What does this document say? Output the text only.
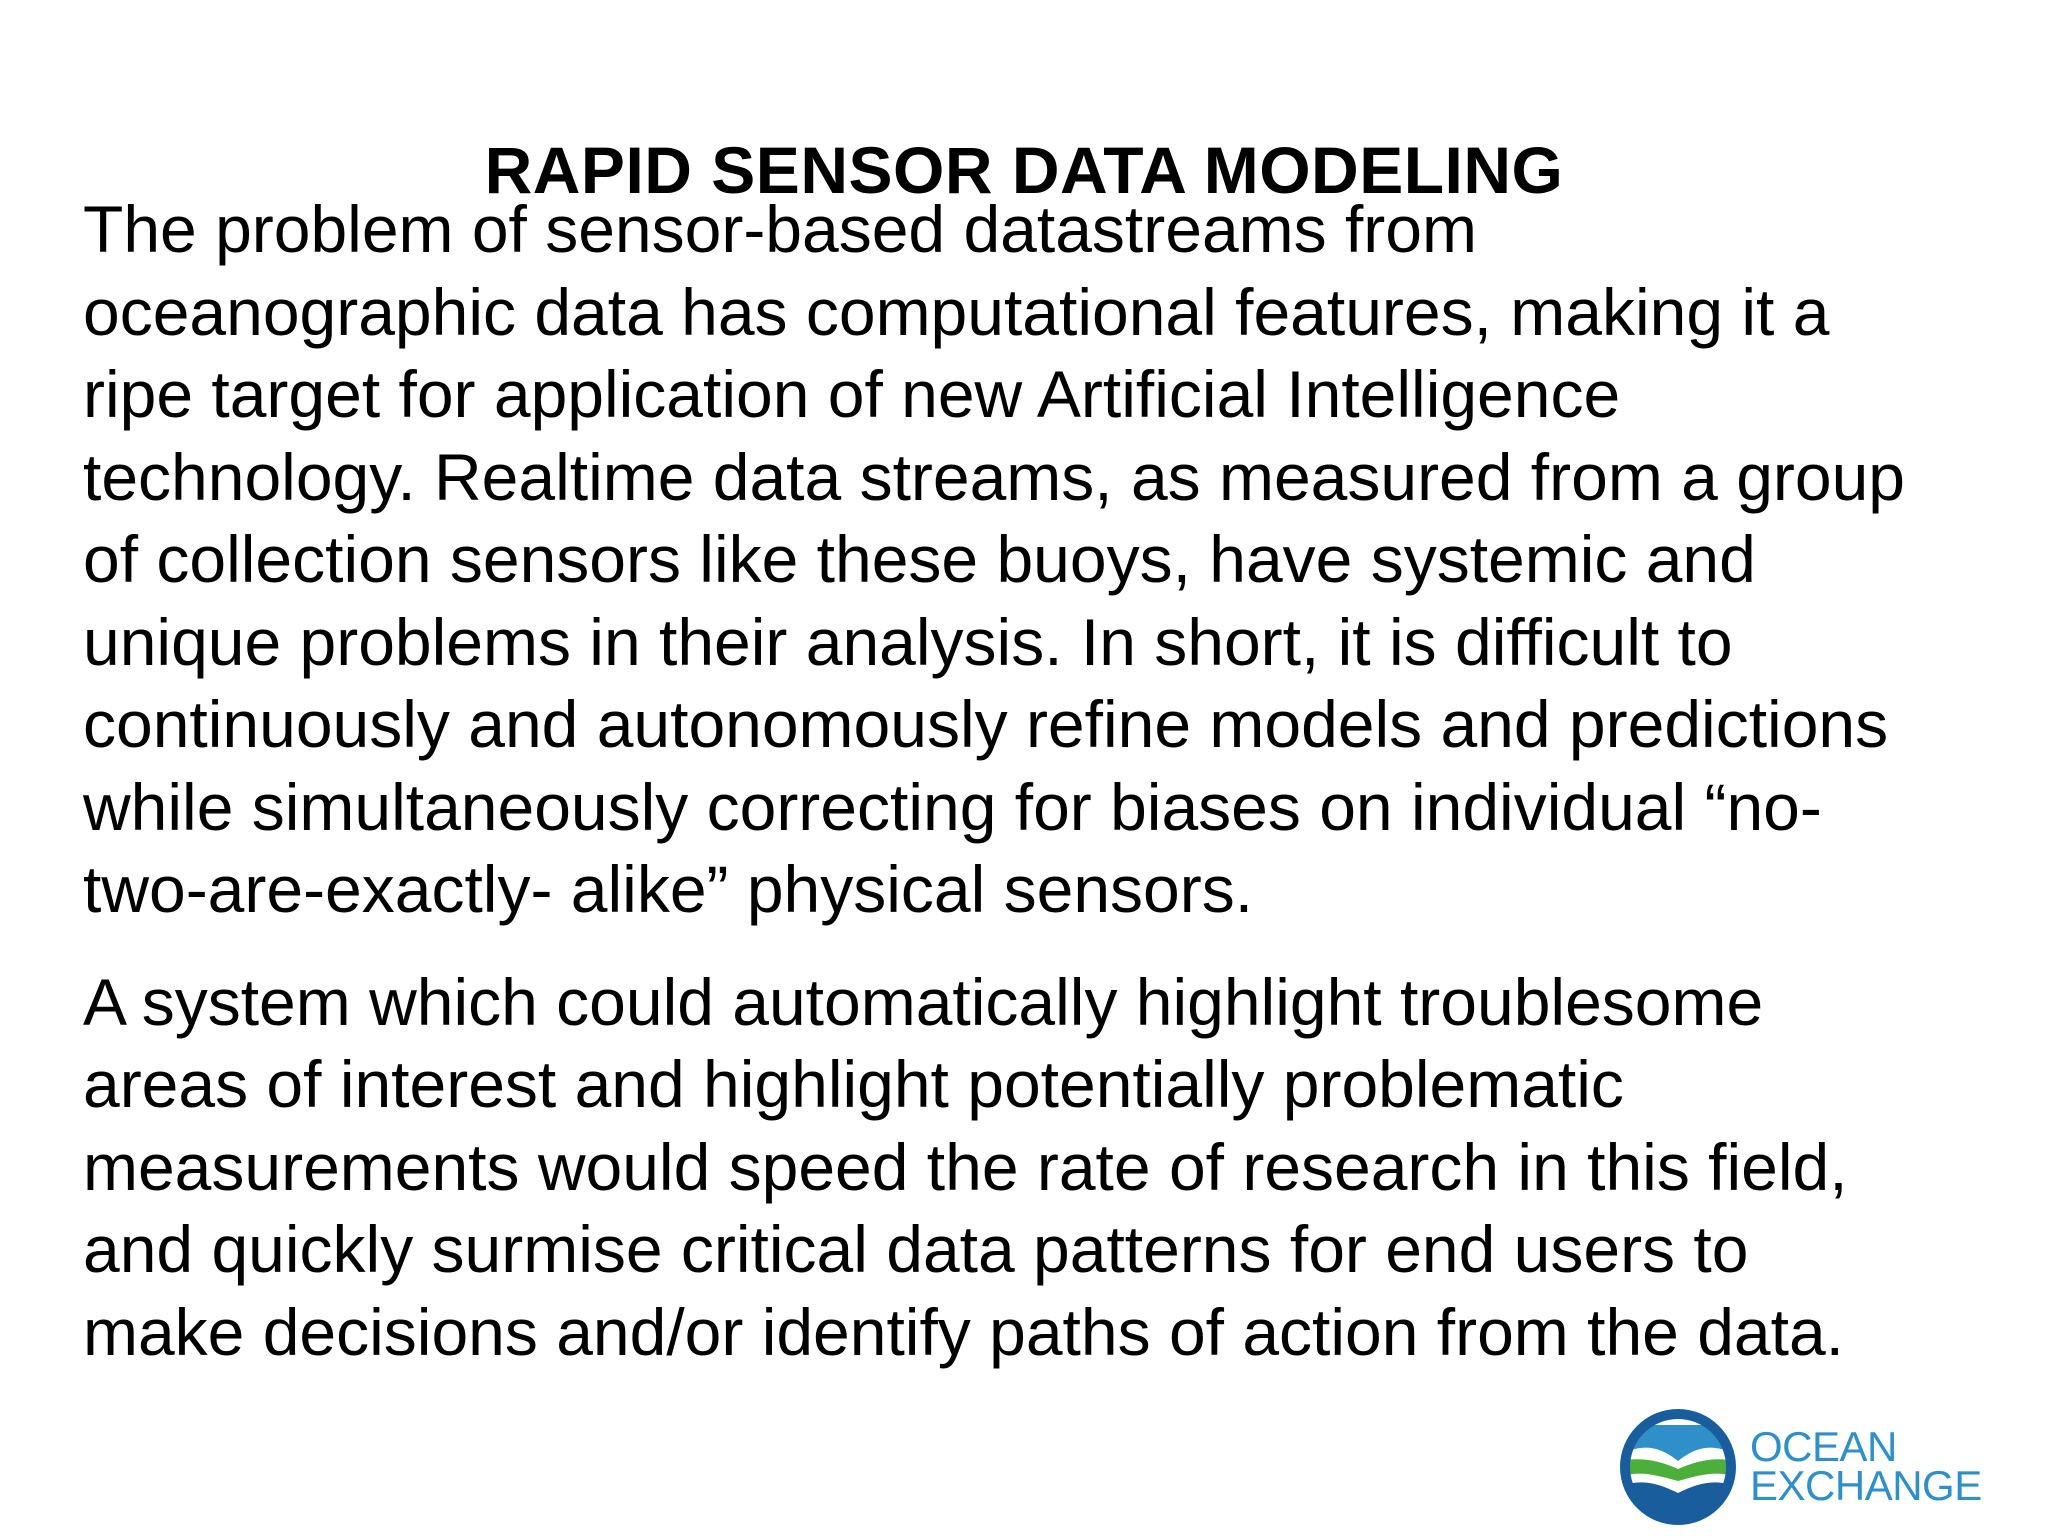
RAPID SENSOR DATA MODELING

The problem of sensor-based datastreams from
oceanographic data has computational features, making it a
ripe target for application of new Artificial Intelligence
technology. Realtime data streams, as measured from a group
of collection sensors like these buoys, have systemic and
unique problems in their analysis. In short, it is difficult to
continuously and autonomously refine models and predictions
while simultaneously correcting for biases on individual “no-
two-are-exactly- alike” physical sensors.

A system which could automatically highlight troublesome
areas of interest and highlight potentially problematic
measurements would speed the rate of research in this field,
and quickly surmise critical data patterns for end users to
make decisions and/or identify paths of action from the data.

OCEAN
EXCHANGE
